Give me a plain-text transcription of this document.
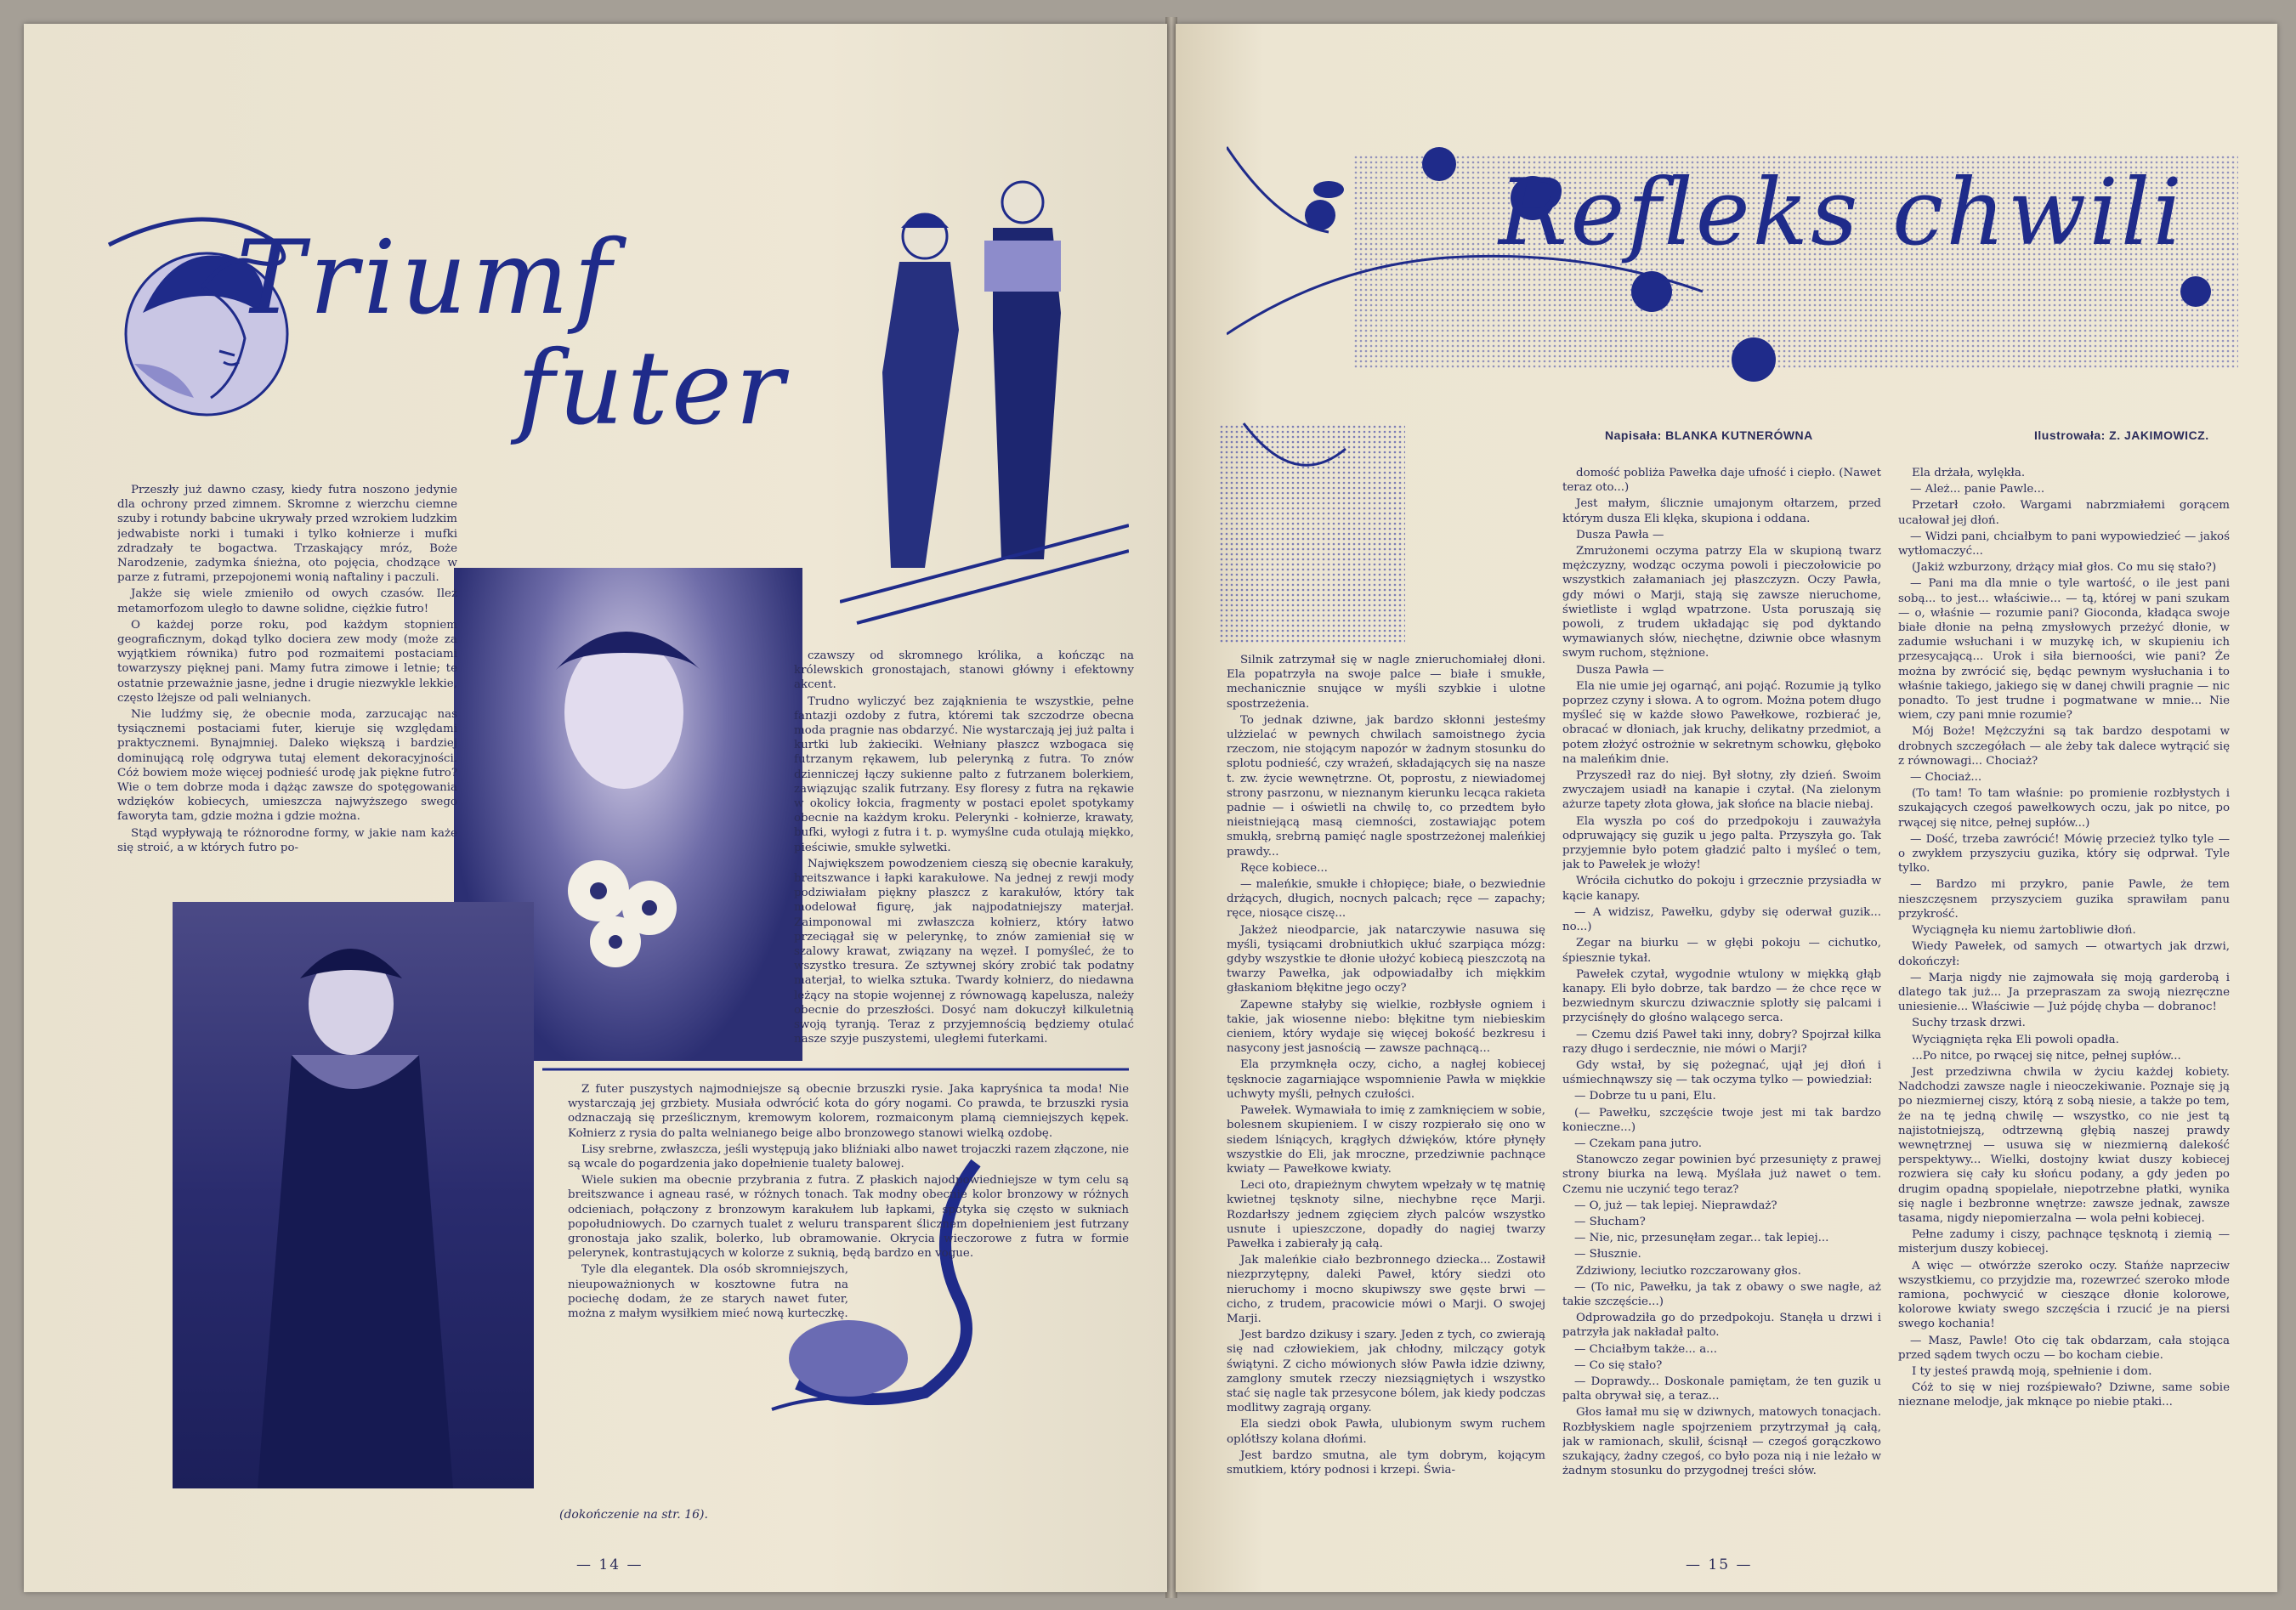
Triumf
futer

Przeszły już dawno czasy, kiedy futra noszono jedynie dla ochrony przed zimnem. Skromne z wierzchu ciemne szuby i rotundy babcine ukrywały przed wzrokiem ludzkim jedwabiste norki i tumaki i tylko kołnierze i mufki zdradzały te bogactwa. Trzaskający mróz, Boże Narodzenie, zadymka śnieżna, oto pojęcia, chodzące w parze z futrami, przepojonemi wonią naftaliny i paczuli.

Jakże się wiele zmieniło od owych czasów. Ileż metamorfozom uległo to dawne solidne, ciężkie futro!

O każdej porze roku, pod każdym stopniem geograficznym, dokąd tylko dociera zew mody (może za wyjątkiem równika) futro pod rozmaitemi postaciami towarzyszy pięknej pani. Mamy futra zimowe i letnie; te ostatnie przeważnie jasne, jedne i drugie niezwykle lekkie, często lżejsze od pali welnianych.

Nie ludźmy się, że obecnie moda, zarzucając nas tysiącznemi postaciami futer, kieruje się względami praktycznemi. Bynajmniej. Daleko większą i bardziej dominującą rolę odgrywa tutaj element dekoracyjności. Cóż bowiem może więcej podnieść urodę jak piękne futro? Wie o tem dobrze moda i dążąc zawsze do spotęgowania wdzięków kobiecych, umieszcza najwyższego swego faworyta tam, gdzie można i gdzie można.

Stąd wypływają te różnorodne formy, w jakie nam każe się stroić, a w których futro po-

czawszy od skromnego królika, a kończąc na królewskich gronostajach, stanowi główny i efektowny akcent.

Trudno wyliczyć bez zająknienia te wszystkie, pełne fantazji ozdoby z futra, któremi tak szczodrze obecna moda pragnie nas obdarzyć. Nie wystarczają jej już palta i kurtki lub żakieciki. Wełniany płaszcz wzbogaca się futrzanym rękawem, lub pelerynką z futra. To znów dzienniczej łączy sukienne palto z futrzanem bolerkiem, zawiązując szalik futrzany. Esy floresy z futra na rękawie w okolicy łokcia, fragmenty w postaci epolet spotykamy obecnie na każdym kroku. Pelerynki - kołnierze, krawaty, bufki, wyłogi z futra i t. p. wymyślne cuda otulają miękko, pieściwie, smukłe sylwetki.

Największem powodzeniem cieszą się obecnie karakuły, breitszwance i łapki karakułowe. Na jednej z rewji mody podziwiałam piękny płaszcz z karakułów, który tak modelował figurę, jak najpodatniejszy materjał. Zaimponowal mi zwłaszcza kołnierz, który łatwo przeciągał się w pelerynkę, to znów zamieniał się w szalowy krawat, związany na węzeł. I pomyśleć, że to wszystko tresura. Ze sztywnej skóry zrobić tak podatny materjał, to wielka sztuka. Twardy kołnierz, do niedawna leżący na stopie wojennej z równowagą kapelusza, należy obecnie do przeszłości. Dosyć nam dokuczył kilkuletnią swoją tyranją. Teraz z przyjemnością będziemy otulać nasze szyje puszystemi, uległemi futerkami.

Z futer puszystych najmodniejsze są obecnie brzuszki rysie. Jaka kapryśnica ta moda! Nie wystarczają jej grzbiety. Musiała odwrócić kota do góry nogami. Co prawda, te brzuszki rysia odznaczają się prześlicznym, kremowym kolorem, rozmaiconym plamą ciemniejszych kępek. Kołnierz z rysia do palta welnianego beige albo bronzowego stanowi wielką ozdobę.

Lisy srebrne, zwłaszcza, jeśli występują jako bliźniaki albo nawet trojaczki razem złączone, nie są wcale do pogardzenia jako dopełnienie tualety balowej.

Wiele sukien ma obecnie przybrania z futra. Z płaskich najodpowiedniejsze w tym celu są breitszwance i agneau rasé, w różnych tonach. Tak modny obecnie kolor bronzowy w różnych odcieniach, połączony z bronzowym karakułem lub łapkami, spotyka się często w sukniach popołudniowych. Do czarnych tualet z weluru transparent ślicznem dopełnieniem jest futrzany gronostaja jako szalik, bolerko, lub obramowanie. Okrycia wieczorowe z futra w formie pelerynek, kontrastujących w kolorze z suknią, będą bardzo en vogue.

Tyle dla elegantek. Dla osób skromniejszych, nieupoważnionych w kosztowne futra na pociechę dodam, że ze starych nawet futer, można z małym wysiłkiem mieć nową kurteczkę.

(dokończenie na str. 16).
— 14 —
Refleks chwili
Napisała: BLANKA KUTNERÓWNA	Ilustrowała: Z. JAKIMOWICZ.

Silnik zatrzymał się w nagle znieruchomiałej dłoni. Ela popatrzyła na swoje palce — białe i smukłe, mechanicznie snujące w myśli szybkie i ulotne spostrzeżenia.

To jednak dziwne, jak bardzo skłonni jesteśmy ulżzielać w pewnych chwilach samoistnego życia rzeczom, nie stojącym napozór w żadnym stosunku do splotu podnieść, czy wrażeń, składających się na nasze t. zw. życie wewnętrzne. Ot, poprostu, z niewiadomej strony pasrzonu, w nieznanym kierunku lecąca rakieta padnie — i oświetli na chwilę to, co przedtem było nieistniejącą masą ciemności, zostawiając potem smukłą, srebrną pamięć nagle spostrzeżonej maleńkiej prawdy...

Ręce kobiece...

— maleńkie, smukłe i chłopięce; białe, o bezwiednie drżących, długich, nocnych palcach; ręce — zapachy; ręce, niosące ciszę...

Jakżeż nieodparcie, jak natarczywie nasuwa się myśli, tysiącami drobniutkich ukłuć szarpiąca mózg: gdyby wszystkie te dłonie ułożyć kobiecą pieszczotą na twarzy Pawełka, jak odpowiadałby ich miękkim głaskaniom błękitne jego oczy?

Zapewne stałyby się wielkie, rozbłysłe ogniem i takie, jak wiosenne niebo: błękitne tym niebieskim cieniem, który wydaje się więcej bokość bezkresu i nasycony jest jasnością — zawsze pachnącą...

Ela przymknęła oczy, cicho, a nagłej kobiecej tęsknocie zagarniające wspomnienie Pawła w miękkie uchwyty myśli, pełnych czułości.

Pawełek. Wymawiała to imię z zamknięciem w sobie, bolesnem skupieniem. I w ciszy rozpierało się ono w siedem lśniących, krągłych dźwięków, które płynęły wszystkie do Eli, jak mroczne, przedziwnie pachnące kwiaty — Pawełkowe kwiaty.

Leci oto, drapieżnym chwytem wpełzały w tę matnię kwietnej tęsknoty silne, niechybne ręce Marji. Rozdarłszy jednem zgięciem złych palców wszystko usnute i upieszczone, dopadły do nagiej twarzy Pawełka i zabierały ją całą.

Jak maleńkie ciało bezbronnego dziecka... Zostawił niezprzytępny, daleki Paweł, który siedzi oto nieruchomy i mocno skupiwszy swe gęste brwi — cicho, z trudem, pracowicie mówi o Marji. O swojej Marji.

Jest bardzo dzikusy i szary. Jeden z tych, co zwierają się nad człowiekiem, jak chłodny, milczący gotyk świątyni. Z cicho mówionych słów Pawła idzie dziwny, zamglony smutek rzeczy niezsiągniętych i wszystko stać się nagle tak przesycone bólem, jak kiedy podczas modlitwy zagrają organy.

Ela siedzi obok Pawła, ulubionym swym ruchem oplótłszy kolana dłońmi.

Jest bardzo smutna, ale tym dobrym, kojącym smutkiem, który podnosi i krzepi. Świa-

domość pobliża Pawełka daje ufność i ciepło. (Nawet teraz oto...)

Jest małym, ślicznie umajonym ołtarzem, przed którym dusza Eli klęka, skupiona i oddana.

Dusza Pawła —

Zmrużonemi oczyma patrzy Ela w skupioną twarz mężczyzny, wodząc oczyma powoli i pieczołowicie po wszystkich załamaniach jej płaszczyzn. Oczy Pawła, gdy mówi o Marji, stają się zawsze nieruchome, świetliste i wgląd wpatrzone. Usta poruszają się powoli, z trudem układając się pod dyktando wymawianych słów, niechętne, dziwnie obce własnym swym ruchom, stężnione.

Dusza Pawła —

Ela nie umie jej ogarnąć, ani pojąć. Rozumie ją tylko poprzez czyny i słowa. A to ogrom. Można potem długo myśleć się w każde słowo Pawełkowe, rozbierać je, obracać w dłoniach, jak kruchy, delikatny przedmiot, a potem złożyć ostrożnie w sekretnym schowku, głęboko na maleńkim dnie.

Przyszedł raz do niej. Był słotny, zły dzień. Swoim zwyczajem usiadł na kanapie i czytał. (Na zielonym ażurze tapety złota głowa, jak słońce na blacie niebaj.

Ela wyszła po coś do przedpokoju i zauważyła odpruwający się guzik u jego palta. Przyszyła go. Tak przyjemnie było potem gładzić palto i myśleć o tem, jak to Pawełek je włoży!

Wróciła cichutko do pokoju i grzecznie przysiadła w kącie kanapy.

— A widzisz, Pawełku, gdyby się oderwał guzik... no...)

Zegar na biurku — w głębi pokoju — cichutko, śpiesznie tykał.

Pawełek czytał, wygodnie wtulony w miękką głąb kanapy. Eli było dobrze, tak bardzo — że chce ręce w bezwiednym skurczu dziwacznie splotły się palcami i przyciśnęły do głośno walącego serca.

— Czemu dziś Paweł taki inny, dobry? Spojrzał kilka razy długo i serdecznie, nie mówi o Marji?

Gdy wstał, by się pożegnać, ujął jej dłoń i uśmiechnąwszy się — tak oczyma tylko — powiedział:

— Dobrze tu u pani, Elu.

(— Pawełku, szczęście twoje jest mi tak bardzo konieczne...)

— Czekam pana jutro.

Stanowczo zegar powinien być przesunięty z prawej strony biurka na lewą. Myślała już nawet o tem. Czemu nie uczynić tego teraz?

— O, już — tak lepiej. Nieprawdaż?

— Słucham?

— Nie, nic, przesunęłam zegar... tak lepiej...

— Słusznie.

Zdziwiony, leciutko rozczarowany głos.

— (To nic, Pawełku, ja tak z obawy o swe nagłe, aż takie szczęście...)

Odprowadziła go do przedpokoju. Stanęła u drzwi i patrzyła jak nakładał palto.

— Chciałbym także... a...

— Co się stało?

— Doprawdy... Doskonale pamiętam, że ten guzik u palta obrywał się, a teraz...

Głos łamał mu się w dziwnych, matowych tonacjach. Rozbłyskiem nagle spojrzeniem przytrzymał ją całą, jak w ramionach, skulił, ścisnął — czegoś gorączkowo szukający, żadny czegoś, co było poza nią i nie leżało w żadnym stosunku do przygodnej treści słów.

Ela drżała, wylękła.

— Ależ... panie Pawle...

Przetarł czoło. Wargami nabrzmiałemi gorącem ucałował jej dłoń.

— Widzi pani, chciałbym to pani wypowiedzieć — jakoś wytłomaczyć...

(Jakiż wzburzony, drżący miał głos. Co mu się stało?)

— Pani ma dla mnie o tyle wartość, o ile jest pani sobą... to jest... właściwie... — tą, której w pani szukam — o, właśnie — rozumie pani? Gioconda, kładąca swoje białe dłonie na pełną zmysłowych przeżyć dłonie, w zadumie wsłuchani i w muzykę ich, w skupieniu ich przesycającą... Urok i siła biernoości, wie pani? Że można by zwrócić się, będąc pewnym wysłuchania i to właśnie takiego, jakiego się w danej chwili pragnie — nic ponadto. To jest trudne i pogmatwane w mnie... Nie wiem, czy pani mnie rozumie?

Mój Boże! Mężczyźni są tak bardzo despotami w drobnych szczegółach — ale żeby tak dalece wytrącić się z równowagi... Chociaż?

— Chociaż...

(To tam! To tam właśnie: po promienie rozbłystych i szukających czegoś pawełkowych oczu, jak po nitce, po rwącej się nitce, pełnej supłów...)

— Dość, trzeba zawrócić! Mówię przecież tylko tyle — o zwykłem przyszyciu guzika, który się odprwał. Tyle tylko.

— Bardzo mi przykro, panie Pawle, że tem nieszczęsnem przyszyciem guzika sprawiłam panu przykrość.

Wyciągnęła ku niemu żartobliwie dłoń.

Wiedy Pawełek, od samych — otwartych jak drzwi, dokończył:

— Marja nigdy nie zajmowała się moją garderobą i dlatego tak już... Ja przepraszam za swoją niezręczne uniesienie... Właściwie — Już pójdę chyba — dobranoc!

Suchy trzask drzwi.

Wyciągnięta ręka Eli powoli opadła.

...Po nitce, po rwącej się nitce, pełnej supłów...

Jest przedziwna chwila w życiu każdej kobiety. Nadchodzi zawsze nagle i nieoczekiwanie. Poznaje się ją po niezmiernej ciszy, którą z sobą niesie, a także po tem, że na tę jedną chwilę — wszystko, co nie jest tą najistotniejszą, odtrzewną głębią naszej prawdy wewnętrznej — usuwa się w niezmierną dalekość perspektywy... Wielki, dostojny kwiat duszy kobiecej rozwiera się cały ku słońcu podany, a gdy jeden po drugim opadną spopielałe, niepotrzebne płatki, wynika się nagle i bezbronne wnętrze: zawsze jednak, zawsze tasama, nigdy niepomierzalna — wola pełni kobiecej.

Pełne zadumy i ciszy, pachnące tęsknotą i ziemią — misterjum duszy kobiecej.

A więc — otwórzże szeroko oczy. Stańże naprzeciw wszystkiemu, co przyjdzie ma, rozewrzeć szeroko młode ramiona, pochwycić w cieszące dłonie kolorowe, kolorowe kwiaty swego szczęścia i rzucić je na piersi swego kochania!

— Masz, Pawle! Oto cię tak obdarzam, cała stojąca przed sądem twych oczu — bo kocham ciebie.

I ty jesteś prawdą moją, spełnienie i dom.

Cóż to się w niej rozśpiewało? Dziwne, same sobie nieznane melodje, jak mknące po niebie ptaki...

— 15 —
